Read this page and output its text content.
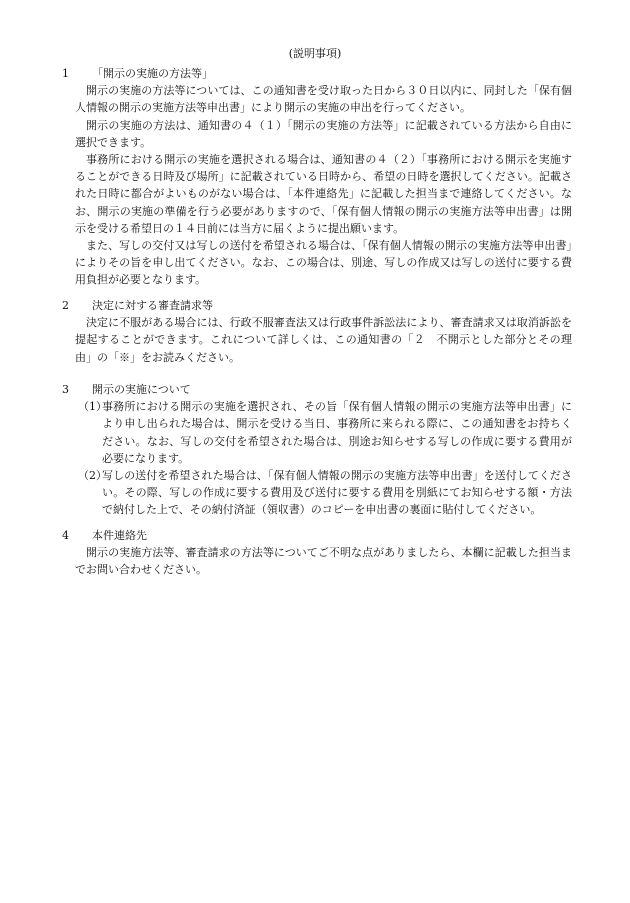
(説明事項)
1 「開示の実施の方法等」

開示の実施の方法等については、この通知書を受け取った日から３０日以内に、同封した「保有個人情報の開示の実施方法等申出書」により開示の実施の申出を行ってください。

開示の実施の方法は、通知書の４（１）「開示の実施の方法等」に記載されている方法から自由に選択できます。

事務所における開示の実施を選択される場合は、通知書の４（２）「事務所における開示を実施することができる日時及び場所」に記載されている日時から、希望の日時を選択してください。記載された日時に都合がよいものがない場合は、「本件連絡先」に記載した担当まで連絡してください。なお、開示の実施の準備を行う必要がありますので、「保有個人情報の開示の実施方法等申出書」は開示を受ける希望日の１４日前には当方に届くように提出願います。

また、写しの交付又は写しの送付を希望される場合は、「保有個人情報の開示の実施方法等申出書」によりその旨を申し出てください。なお、この場合は、別途、写しの作成又は写しの送付に要する費用負担が必要となります。

2 決定に対する審査請求等

決定に不服がある場合には、行政不服審査法又は行政事件訴訟法により、審査請求又は取消訴訟を提起することができます。これについて詳しくは、この通知書の「２　不開示とした部分とその理由」の「※」をお読みください。

3 開示の実施について

（1）
事務所における開示の実施を選択され、その旨「保有個人情報の開示の実施方法等申出書」により申し出られた場合は、開示を受ける当日、事務所に来られる際に、この通知書をお持ちください。なお、写しの交付を希望された場合は、別途お知らせする写しの作成に要する費用が必要になります。

（2）
写しの送付を希望された場合は、「保有個人情報の開示の実施方法等申出書」を送付してください。その際、写しの作成に要する費用及び送付に要する費用を別紙にてお知らせする額・方法で納付した上で、その納付済証（領収書）のコピーを申出書の裏面に貼付してください。

4 本件連絡先

開示の実施方法等、審査請求の方法等についてご不明な点がありましたら、本欄に記載した担当までお問い合わせください。
